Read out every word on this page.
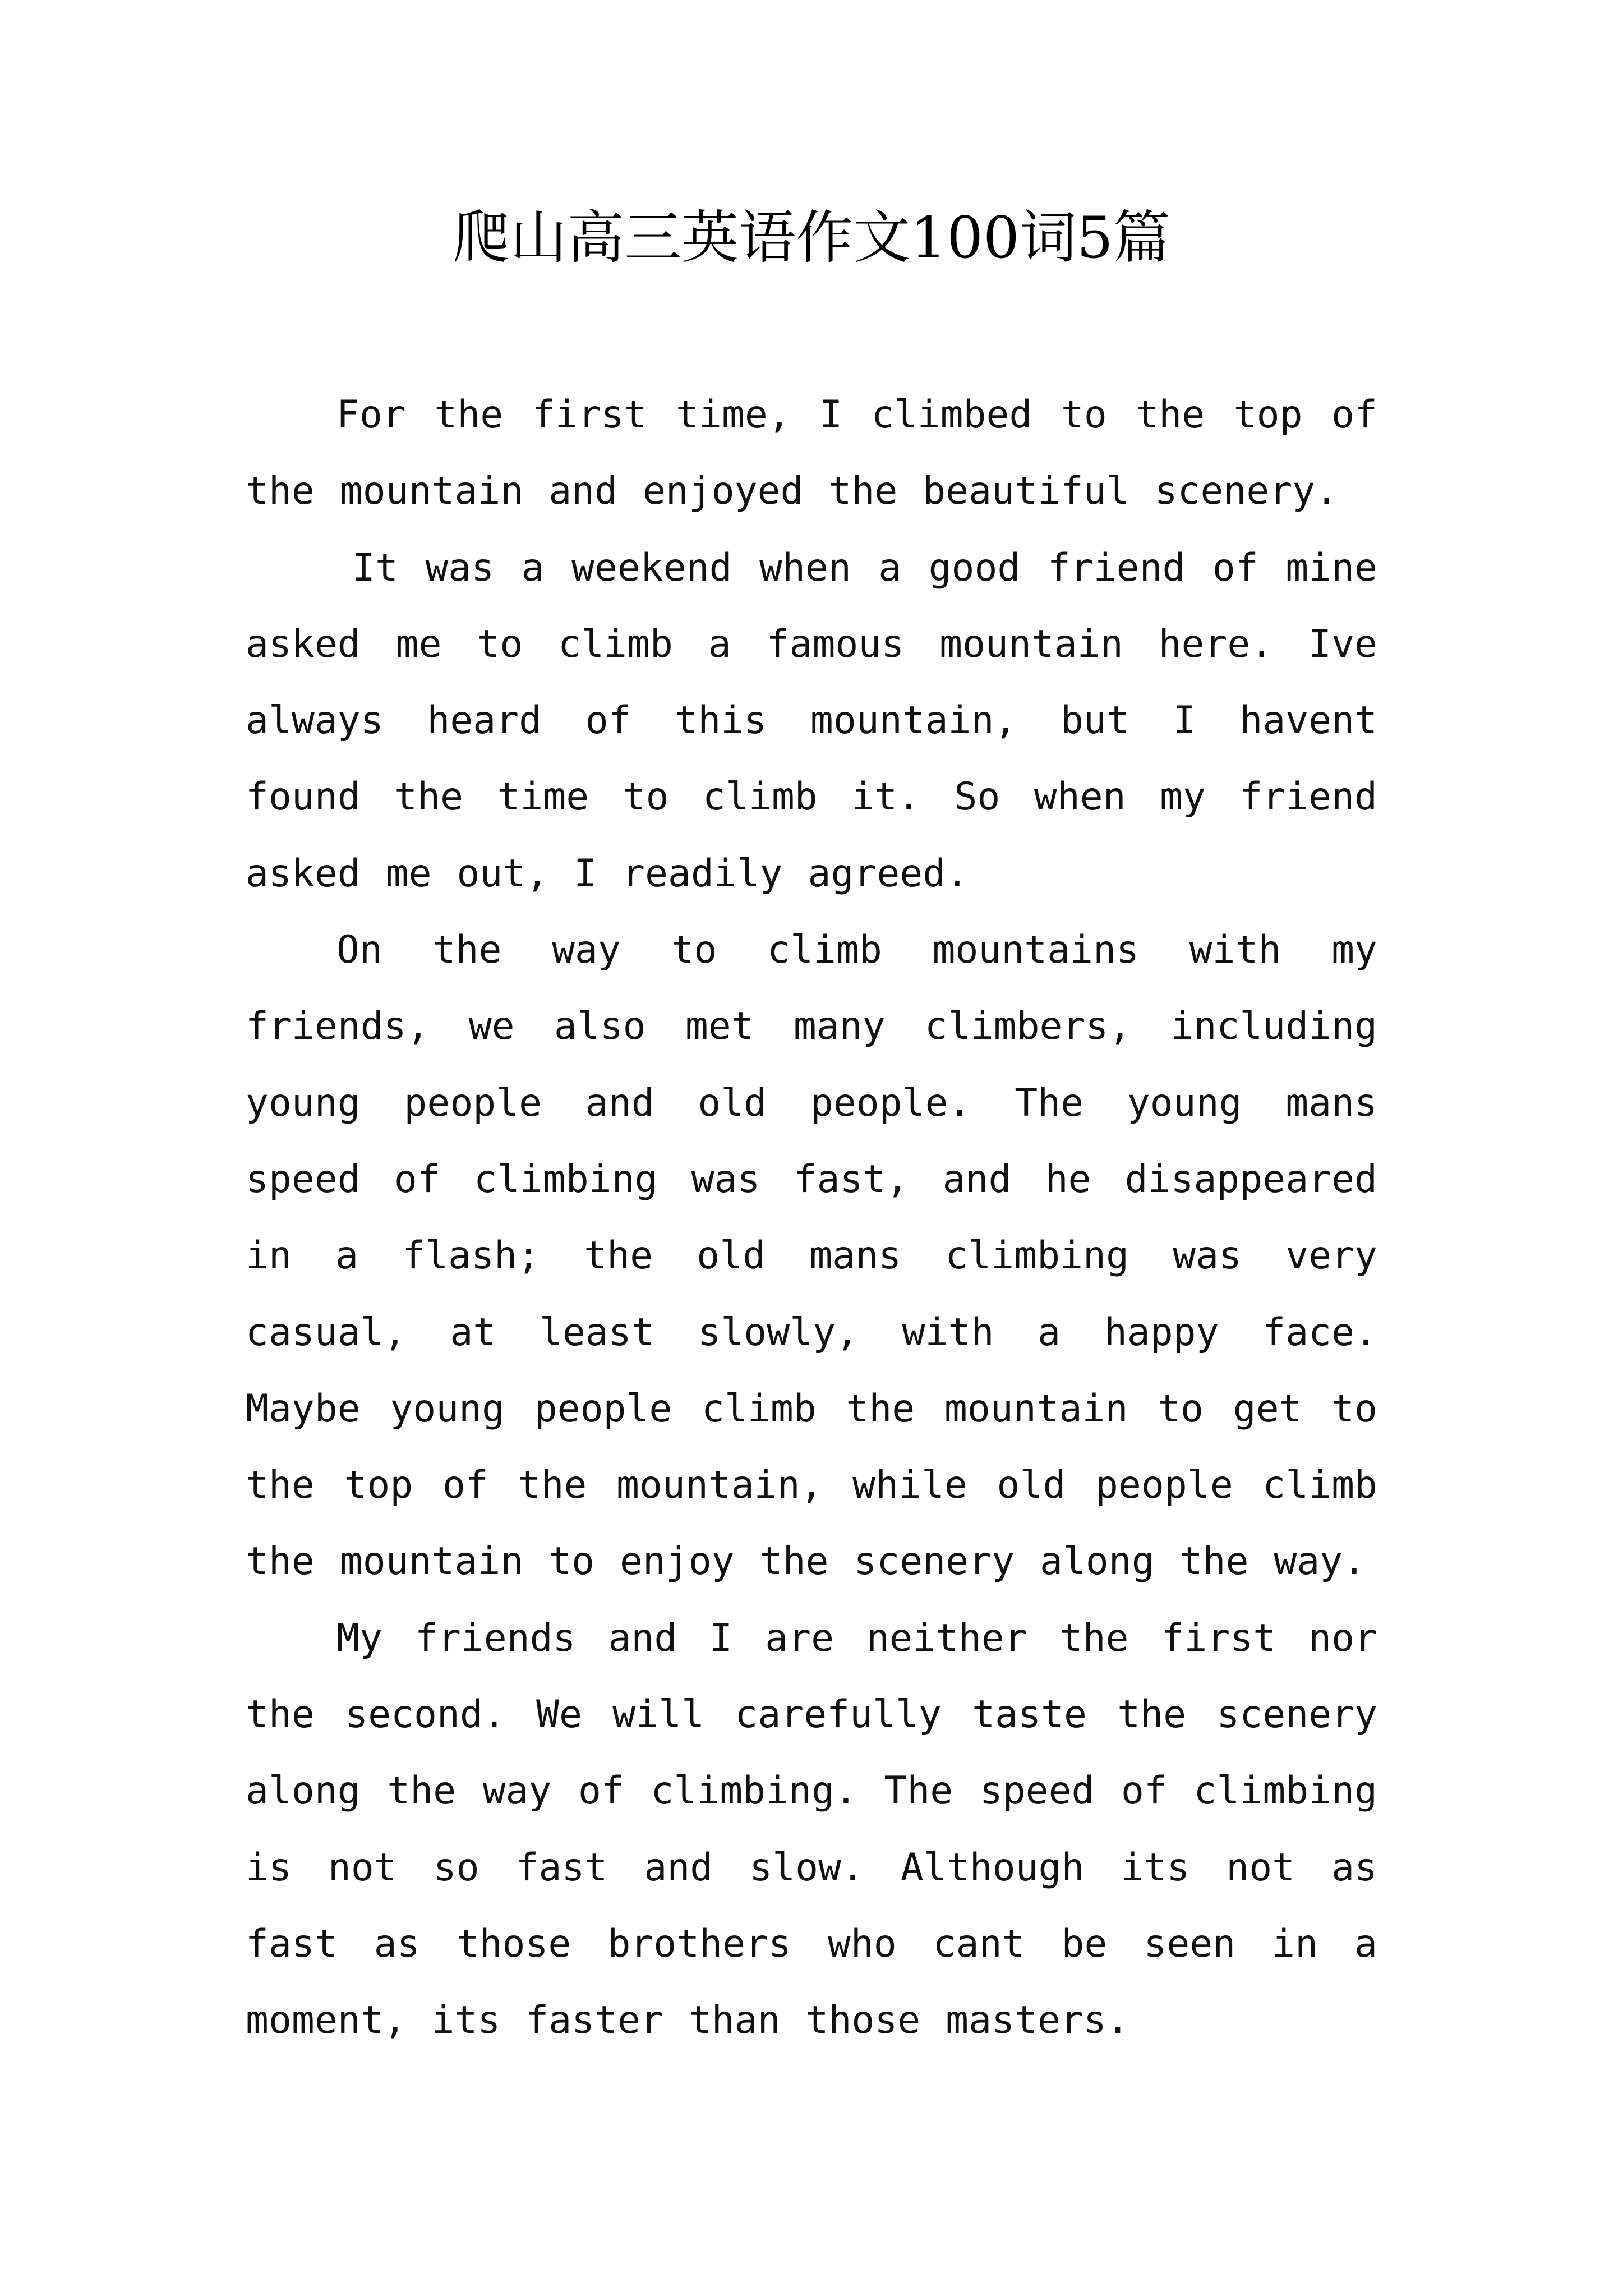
爬山高三英语作文100词5篇

For the first time, I climbed to the top of the mountain and enjoyed the beautiful scenery.

It was a weekend when a good friend of mine asked me to climb a famous mountain here. Ive always heard of this mountain, but I havent found the time to climb it. So when my friend asked me out, I readily agreed.

On the way to climb mountains with my friends, we also met many climbers, including young people and old people. The young mans speed of climbing was fast, and he disappeared in a flash; the old mans climbing was very casual, at least slowly, with a happy face. Maybe young people climb the mountain to get to the top of the mountain, while old people climb the mountain to enjoy the scenery along the way.

My friends and I are neither the first nor the second. We will carefully taste the scenery along the way of climbing. The speed of climbing is not so fast and slow. Although its not as fast as those brothers who cant be seen in a moment, its faster than those masters.
